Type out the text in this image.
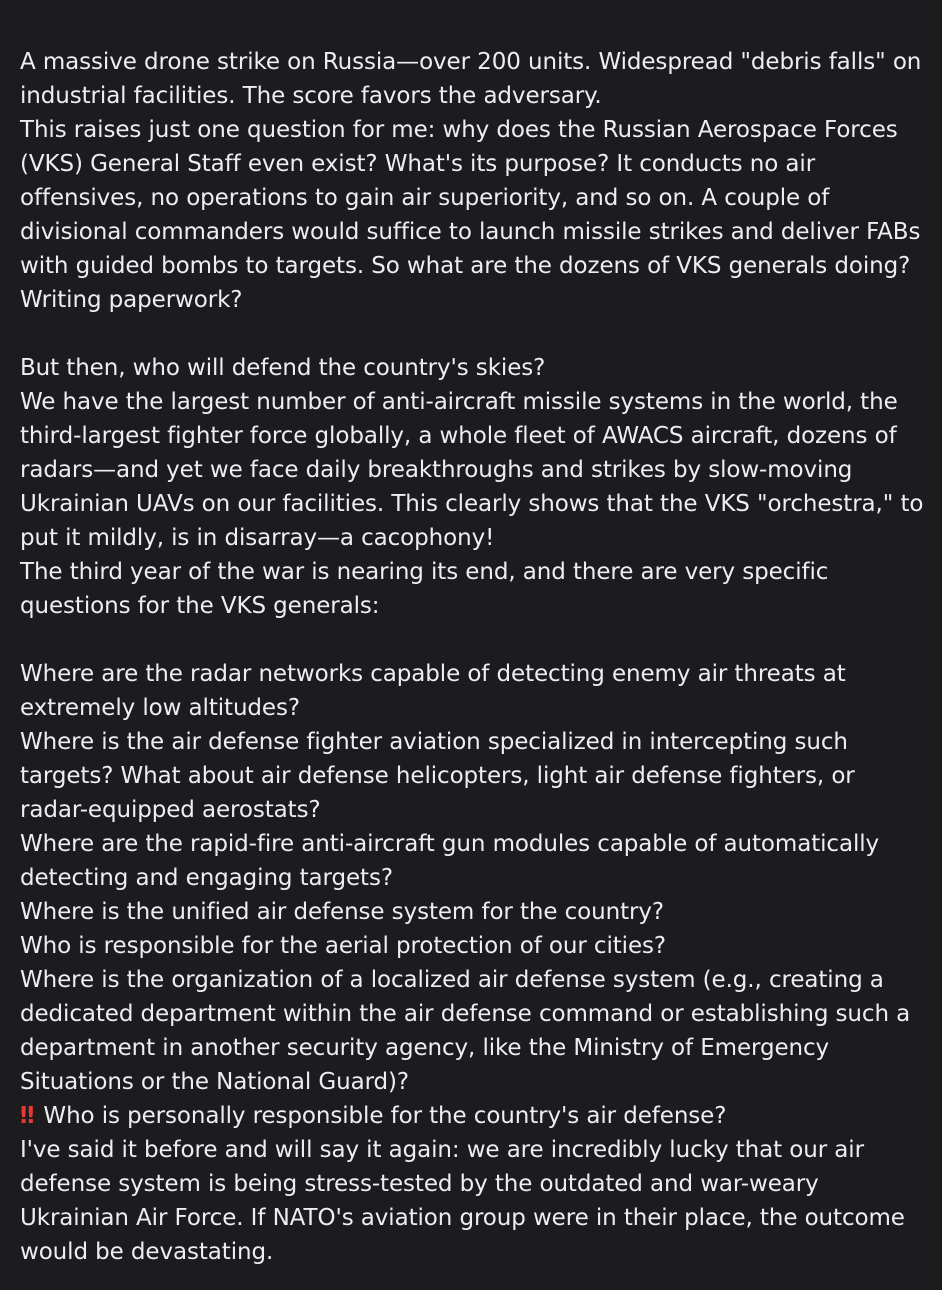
A massive drone strike on Russia—over 200 units. Widespread "debris falls" on industrial facilities. The score favors the adversary.

This raises just one question for me: why does the Russian Aerospace Forces (VKS) General Staff even exist? What's its purpose? It conducts no air offensives, no operations to gain air superiority, and so on. A couple of divisional commanders would suffice to launch missile strikes and deliver FABs with guided bombs to targets. So what are the dozens of VKS generals doing? Writing paperwork?

But then, who will defend the country's skies?

We have the largest number of anti-aircraft missile systems in the world, the third-largest fighter force globally, a whole fleet of AWACS aircraft, dozens of radars—and yet we face daily breakthroughs and strikes by slow-moving Ukrainian UAVs on our facilities. This clearly shows that the VKS "orchestra," to put it mildly, is in disarray—a cacophony!

The third year of the war is nearing its end, and there are very specific questions for the VKS generals:

Where are the radar networks capable of detecting enemy air threats at extremely low altitudes?

Where is the air defense fighter aviation specialized in intercepting such targets? What about air defense helicopters, light air defense fighters, or radar-equipped aerostats?

Where are the rapid-fire anti-aircraft gun modules capable of automatically detecting and engaging targets?

Where is the unified air defense system for the country?

Who is responsible for the aerial protection of our cities?

Where is the organization of a localized air defense system (e.g., creating a dedicated department within the air defense command or establishing such a department in another security agency, like the Ministry of Emergency Situations or the National Guard)?

‼ Who is personally responsible for the country's air defense?

I've said it before and will say it again: we are incredibly lucky that our air defense system is being stress-tested by the outdated and war-weary Ukrainian Air Force. If NATO's aviation group were in their place, the outcome would be devastating.
